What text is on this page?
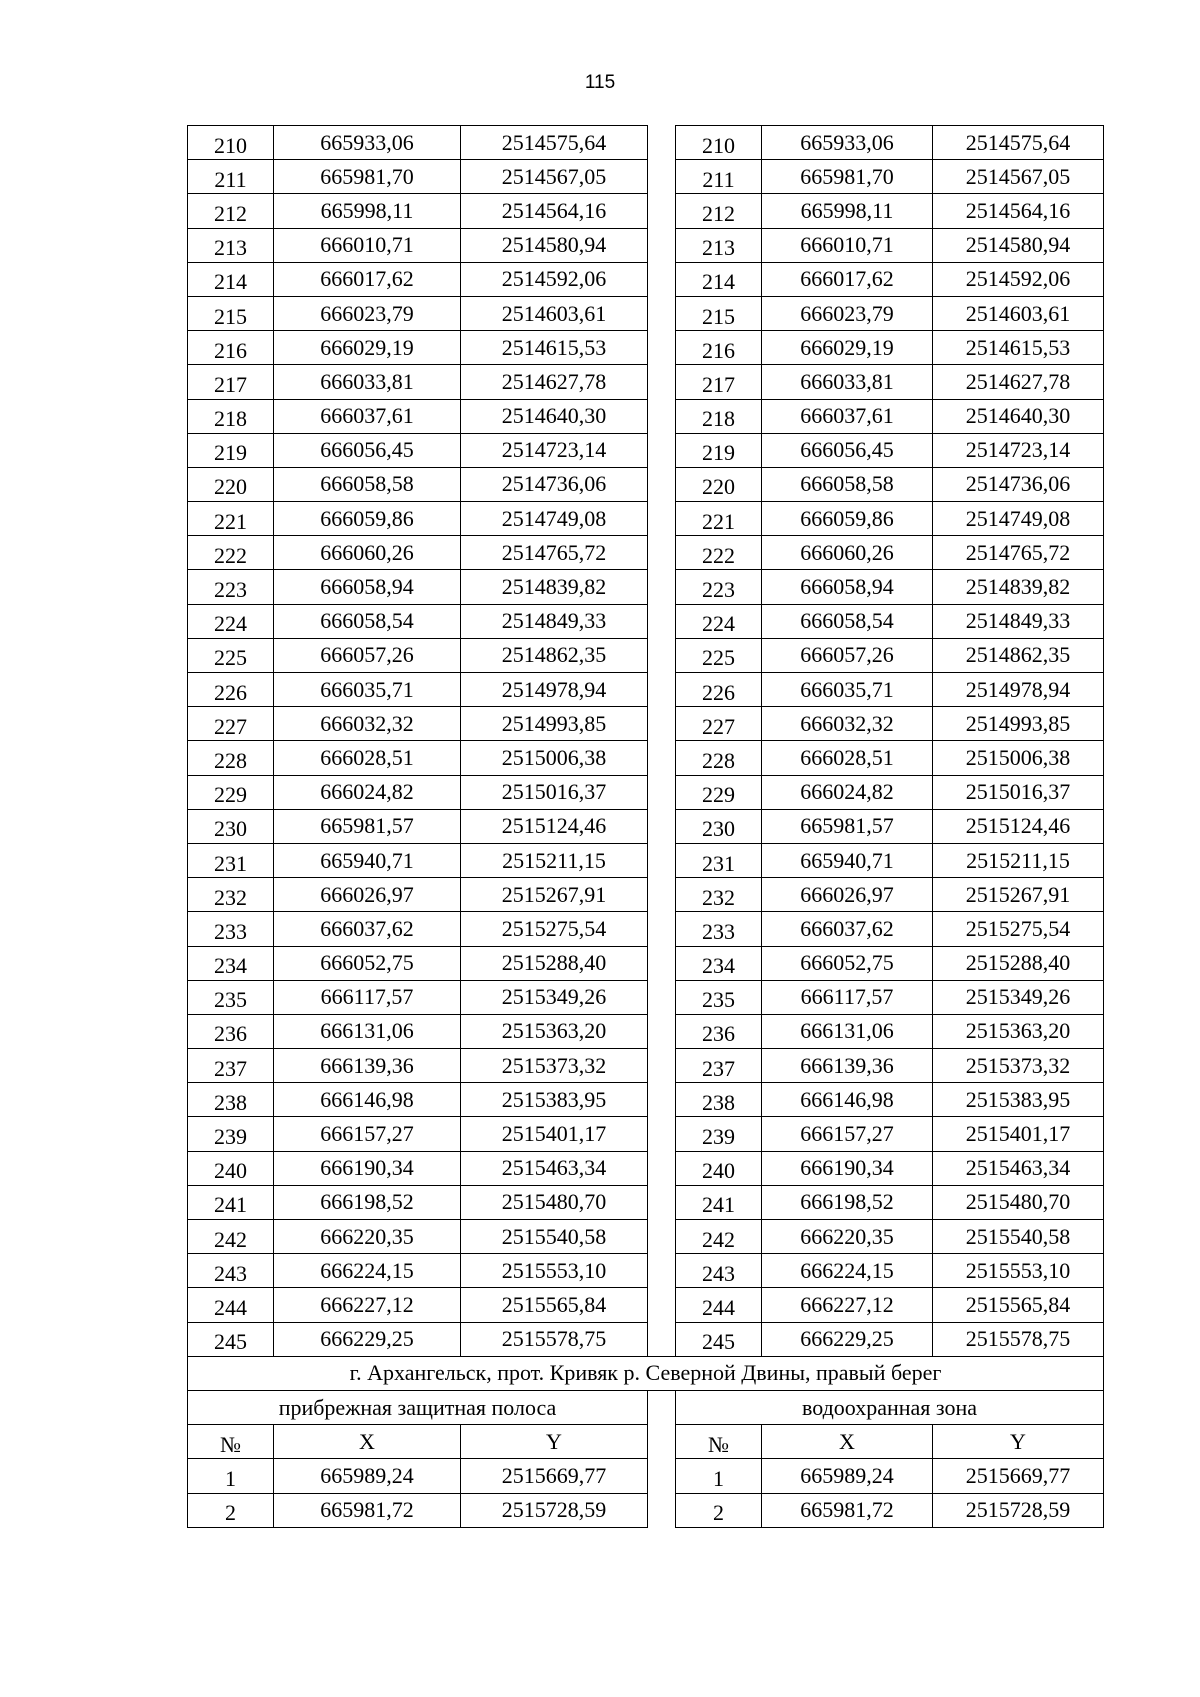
115
210	665933,06	2514575,64		210	665933,06	2514575,64
211	665981,70	2514567,05		211	665981,70	2514567,05
212	665998,11	2514564,16		212	665998,11	2514564,16
213	666010,71	2514580,94		213	666010,71	2514580,94
214	666017,62	2514592,06		214	666017,62	2514592,06
215	666023,79	2514603,61		215	666023,79	2514603,61
216	666029,19	2514615,53		216	666029,19	2514615,53
217	666033,81	2514627,78		217	666033,81	2514627,78
218	666037,61	2514640,30		218	666037,61	2514640,30
219	666056,45	2514723,14		219	666056,45	2514723,14
220	666058,58	2514736,06		220	666058,58	2514736,06
221	666059,86	2514749,08		221	666059,86	2514749,08
222	666060,26	2514765,72		222	666060,26	2514765,72
223	666058,94	2514839,82		223	666058,94	2514839,82
224	666058,54	2514849,33		224	666058,54	2514849,33
225	666057,26	2514862,35		225	666057,26	2514862,35
226	666035,71	2514978,94		226	666035,71	2514978,94
227	666032,32	2514993,85		227	666032,32	2514993,85
228	666028,51	2515006,38		228	666028,51	2515006,38
229	666024,82	2515016,37		229	666024,82	2515016,37
230	665981,57	2515124,46		230	665981,57	2515124,46
231	665940,71	2515211,15		231	665940,71	2515211,15
232	666026,97	2515267,91		232	666026,97	2515267,91
233	666037,62	2515275,54		233	666037,62	2515275,54
234	666052,75	2515288,40		234	666052,75	2515288,40
235	666117,57	2515349,26		235	666117,57	2515349,26
236	666131,06	2515363,20		236	666131,06	2515363,20
237	666139,36	2515373,32		237	666139,36	2515373,32
238	666146,98	2515383,95		238	666146,98	2515383,95
239	666157,27	2515401,17		239	666157,27	2515401,17
240	666190,34	2515463,34		240	666190,34	2515463,34
241	666198,52	2515480,70		241	666198,52	2515480,70
242	666220,35	2515540,58		242	666220,35	2515540,58
243	666224,15	2515553,10		243	666224,15	2515553,10
244	666227,12	2515565,84		244	666227,12	2515565,84
245	666229,25	2515578,75		245	666229,25	2515578,75
г. Архангельск, прот. Кривяк р. Северной Двины, правый берег						
прибрежная защитная полоса				водоохранная зона		
№	X	Y		№	X	Y
1	665989,24	2515669,77		1	665989,24	2515669,77
2	665981,72	2515728,59		2	665981,72	2515728,59
